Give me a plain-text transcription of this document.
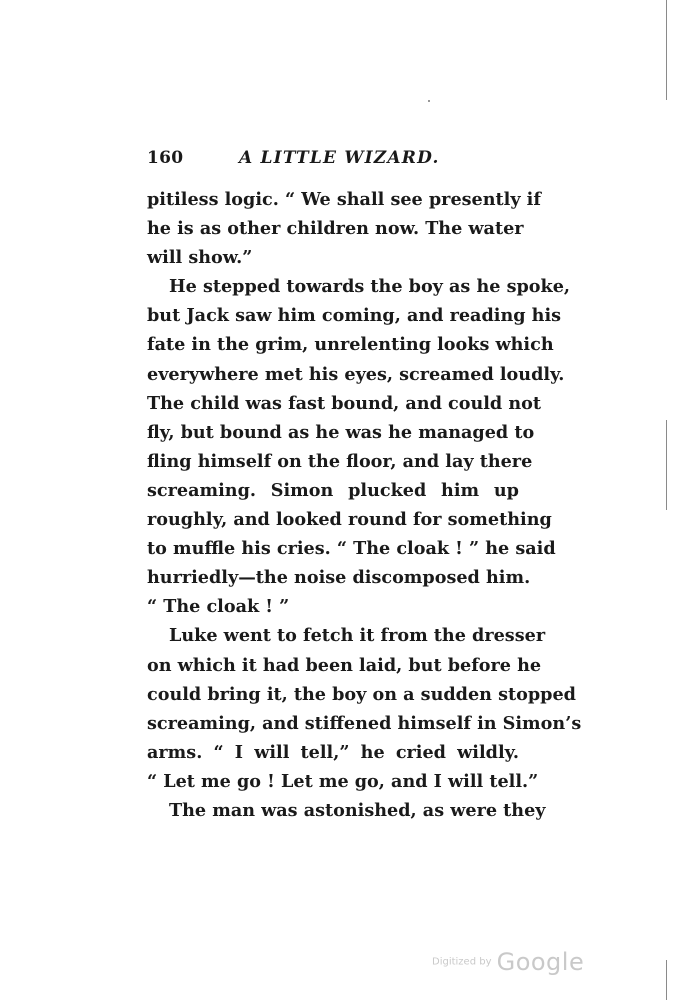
160	A LITTLE WIZARD.
pitiless logic. “ We shall see presently if
he is as other children now. The water
will show.”
He stepped towards the boy as he spoke,
but Jack saw him coming, and reading his
fate in the grim, unrelenting looks which
everywhere met his eyes, screamed loudly.
The child was fast bound, and could not
fly, but bound as he was he managed to
fling himself on the floor, and lay there
screaming. Simon plucked him up
roughly, and looked round for something
to muffle his cries. “ The cloak ! ” he said
hurriedly—the noise discomposed him.
“ The cloak ! ”
Luke went to fetch it from the dresser
on which it had been laid, but before he
could bring it, the boy on a sudden stopped
screaming, and stiffened himself in Simon’s
arms. “ I will tell,” he cried wildly.
“ Let me go ! Let me go, and I will tell.”
The man was astonished, as were they
Digitized by Google
